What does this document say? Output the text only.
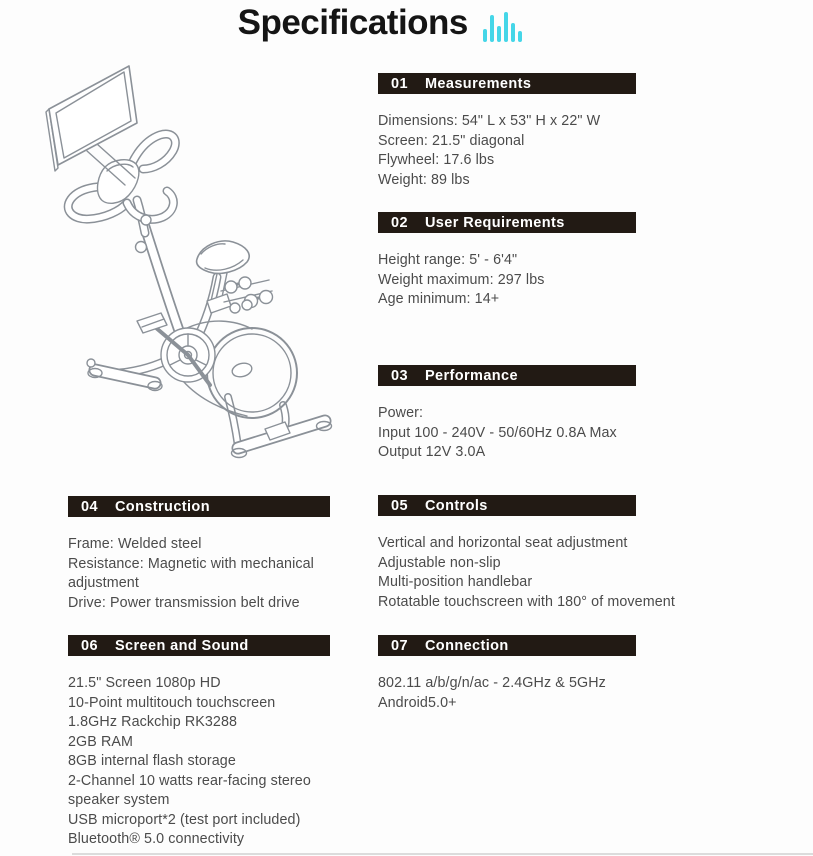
Specifications
01 Measurements
Dimensions: 54" L x 53" H x 22" W
Screen: 21.5" diagonal
Flywheel: 17.6 lbs
Weight: 89 lbs
02 User Requirements
Height range: 5' - 6'4"
Weight maximum: 297 lbs
Age minimum: 14+
03 Performance
Power:
Input 100 - 240V - 50/60Hz 0.8A Max
Output 12V 3.0A
04 Construction
Frame: Welded steel
Resistance: Magnetic with mechanical adjustment
Drive: Power transmission belt drive
05 Controls
Vertical and horizontal seat adjustment
Adjustable non-slip
Multi-position handlebar
Rotatable touchscreen with 180° of movement
06 Screen and Sound
21.5" Screen 1080p HD
10-Point multitouch touchscreen
1.8GHz Rackchip RK3288
2GB RAM
8GB internal flash storage
2-Channel 10 watts rear-facing stereo speaker system
USB microport*2 (test port included)
Bluetooth® 5.0 connectivity
07 Connection
802.11 a/b/g/n/ac - 2.4GHz & 5GHz
Android5.0+
